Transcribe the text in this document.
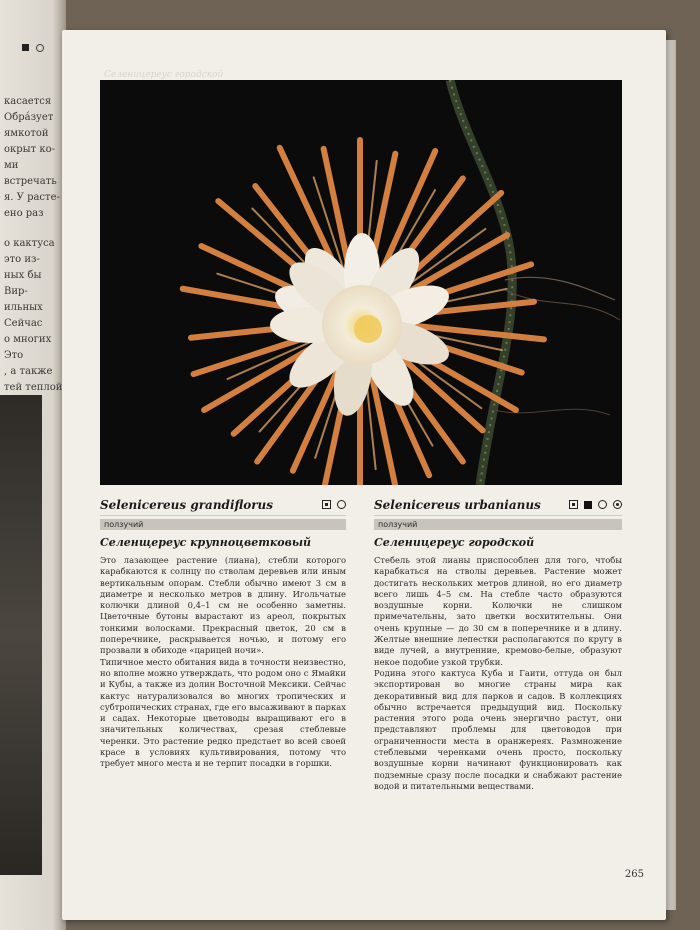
касается
Обрáзует
ямкотой
окрыт ко-
ми
встречать
я. У расте-
ено раз
о кактуса
это из-
ных бы
Вир-
ильных
Сейчас
о многих
Это
, а также
тей теплой
Селеницереус городской
Selenicereus grandiflorus
ползучий
Селенщереус крупноцветковый

Это лазающее растение (лиана), стебли которого карабкаются к солнцу по стволам деревьев или иным вертикальным опорам. Стебли обычно имеют 3 см в диаметре и несколько метров в длину. Игольчатые колючки длиной 0,4–1 см не особенно заметны. Цветочные бутоны вырастают из ареол, покрытых тонкими волосками. Прекрасный цветок, 20 см в поперечнике, раскрывается ночью, и потому его прозвали в обиходе «царицей ночи».

Типичное место обитания вида в точности неизвестно, но вполне можно утверждать, что родом оно с Ямайки и Кубы, а также из долин Восточной Мексики. Сейчас кактус натурализовался во многих тропических и субтропических странах, где его высаживают в парках и садах. Некоторые цветоводы выращивают его в значительных количествах, срезая стеблевые черенки. Это растение редко предстает во всей своей красе в условиях культивирования, потому что требует много места и не терпит посадки в горшки.

Selenicereus urbanianus
ползучий
Селеницереус городской

Стебель этой лианы приспособлен для того, чтобы карабкаться на стволы деревьев. Растение может достигать нескольких метров длиной, но его диаметр всего лишь 4–5 см. На стебле часто образуются воздушные корни. Колючки не слишком примечательны, зато цветки восхитительны. Они очень крупные — до 30 см в поперечнике и в длину. Желтые внешние лепестки располагаются по кругу в виде лучей, а внутренние, кремово-белые, образуют некое подобие узкой трубки.

Родина этого кактуса Куба и Гаити, оттуда он был экспортирован во многие страны мира как декоративный вид для парков и садов. В коллекциях обычно встречается предыдущий вид. Поскольку растения этого рода очень энергично растут, они представляют проблемы для цветоводов при ограниченности места в оранжереях. Размножение стеблевыми черенками очень просто, поскольку воздушные корни начинают функционировать как подземные сразу после посадки и снабжают растение водой и питательными веществами.

265
